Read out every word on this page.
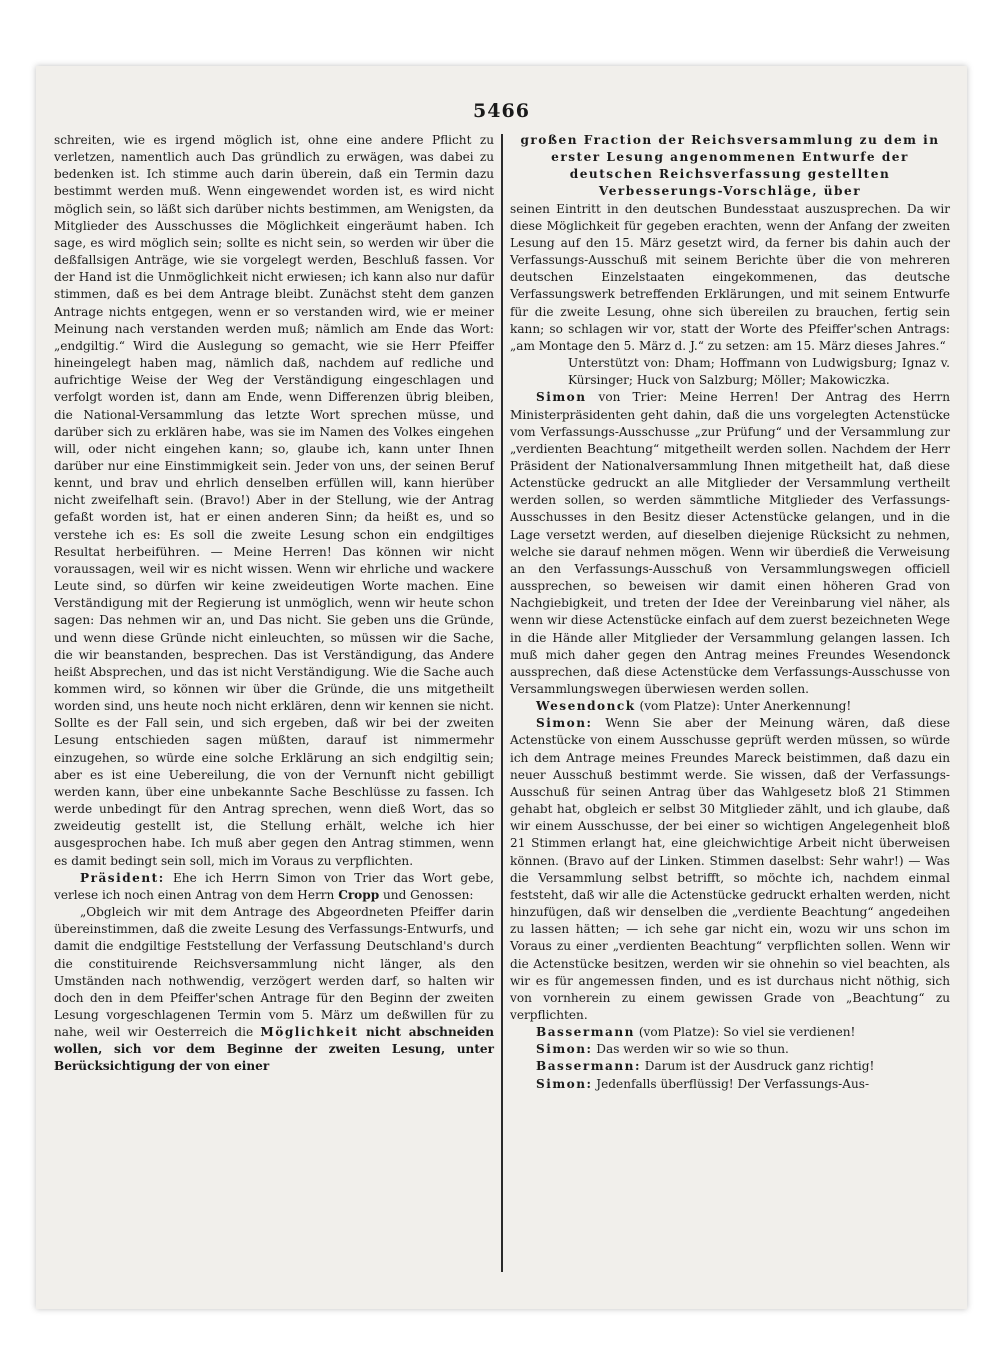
5466

schreiten, wie es irgend möglich ist, ohne eine andere Pflicht zu verletzen, namentlich auch Das gründlich zu erwägen, was dabei zu bedenken ist. Ich stimme auch darin überein, daß ein Termin dazu bestimmt werden muß. Wenn eingewendet worden ist, es wird nicht möglich sein, so läßt sich darüber nichts bestimmen, am Wenigsten, da Mitglieder des Ausschusses die Möglichkeit eingeräumt haben. Ich sage, es wird möglich sein; sollte es nicht sein, so werden wir über die deßfallsigen Anträge, wie sie vorgelegt werden, Beschluß fassen. Vor der Hand ist die Unmöglichkeit nicht erwiesen; ich kann also nur dafür stimmen, daß es bei dem Antrage bleibt. Zunächst steht dem ganzen Antrage nichts entgegen, wenn er so verstanden wird, wie er meiner Meinung nach verstanden werden muß; nämlich am Ende das Wort: „endgiltig.“ Wird die Auslegung so gemacht, wie sie Herr Pfeiffer hineingelegt haben mag, nämlich daß, nachdem auf redliche und aufrichtige Weise der Weg der Verständigung eingeschlagen und verfolgt worden ist, dann am Ende, wenn Differenzen übrig bleiben, die National-Versammlung das letzte Wort sprechen müsse, und darüber sich zu erklären habe, was sie im Namen des Volkes eingehen will, oder nicht eingehen kann; so, glaube ich, kann unter Ihnen darüber nur eine Einstimmigkeit sein. Jeder von uns, der seinen Beruf kennt, und brav und ehrlich denselben erfüllen will, kann hierüber nicht zweifelhaft sein. (Bravo!) Aber in der Stellung, wie der Antrag gefaßt worden ist, hat er einen anderen Sinn; da heißt es, und so verstehe ich es: Es soll die zweite Lesung schon ein endgiltiges Resultat herbeiführen. — Meine Herren! Das können wir nicht voraussagen, weil wir es nicht wissen. Wenn wir ehrliche und wackere Leute sind, so dürfen wir keine zweideutigen Worte machen. Eine Verständigung mit der Regierung ist unmöglich, wenn wir heute schon sagen: Das nehmen wir an, und Das nicht. Sie geben uns die Gründe, und wenn diese Gründe nicht einleuchten, so müssen wir die Sache, die wir beanstanden, besprechen. Das ist Verständigung, das Andere heißt Absprechen, und das ist nicht Verständigung. Wie die Sache auch kommen wird, so können wir über die Gründe, die uns mitgetheilt worden sind, uns heute noch nicht erklären, denn wir kennen sie nicht. Sollte es der Fall sein, und sich ergeben, daß wir bei der zweiten Lesung entschieden sagen müßten, darauf ist nimmermehr einzugehen, so würde eine solche Erklärung an sich endgiltig sein; aber es ist eine Uebereilung, die von der Vernunft nicht gebilligt werden kann, über eine unbekannte Sache Beschlüsse zu fassen. Ich werde unbedingt für den Antrag sprechen, wenn dieß Wort, das so zweideutig gestellt ist, die Stellung erhält, welche ich hier ausgesprochen habe. Ich muß aber gegen den Antrag stimmen, wenn es damit bedingt sein soll, mich im Voraus zu verpflichten.

Präsident: Ehe ich Herrn Simon von Trier das Wort gebe, verlese ich noch einen Antrag von dem Herrn Cropp und Genossen:

„Obgleich wir mit dem Antrage des Abgeordneten Pfeiffer darin übereinstimmen, daß die zweite Lesung des Verfassungs-Entwurfs, und damit die endgiltige Feststellung der Verfassung Deutschland's durch die constituirende Reichsversammlung nicht länger, als den Umständen nach nothwendig, verzögert werden darf, so halten wir doch den in dem Pfeiffer'schen Antrage für den Beginn der zweiten Lesung vorgeschlagenen Termin vom 5. März um deßwillen für zu nahe, weil wir Oesterreich die Möglichkeit nicht abschneiden wollen, sich vor dem Beginne der zweiten Lesung, unter Berücksichtigung der von einer

großen Fraction der Reichsversammlung zu dem in erster Lesung angenommenen Entwurfe der deutschen Reichsverfassung gestellten Verbesserungs-Vorschläge, über

seinen Eintritt in den deutschen Bundesstaat auszusprechen. Da wir diese Möglichkeit für gegeben erachten, wenn der Anfang der zweiten Lesung auf den 15. März gesetzt wird, da ferner bis dahin auch der Verfassungs-Ausschuß mit seinem Berichte über die von mehreren deutschen Einzelstaaten eingekommenen, das deutsche Verfassungswerk betreffenden Erklärungen, und mit seinem Entwurfe für die zweite Lesung, ohne sich übereilen zu brauchen, fertig sein kann; so schlagen wir vor, statt der Worte des Pfeiffer'schen Antrags: „am Montage den 5. März d. J.“ zu setzen: am 15. März dieses Jahres.“

Unterstützt von: Dham; Hoffmann von Ludwigsburg; Ignaz v. Kürsinger; Huck von Salzburg; Möller; Makowiczka.

Simon von Trier: Meine Herren! Der Antrag des Herrn Ministerpräsidenten geht dahin, daß die uns vorgelegten Actenstücke vom Verfassungs-Ausschusse „zur Prüfung“ und der Versammlung zur „verdienten Beachtung“ mitgetheilt werden sollen. Nachdem der Herr Präsident der Nationalversammlung Ihnen mitgetheilt hat, daß diese Actenstücke gedruckt an alle Mitglieder der Versammlung vertheilt werden sollen, so werden sämmtliche Mitglieder des Verfassungs-Ausschusses in den Besitz dieser Actenstücke gelangen, und in die Lage versetzt werden, auf dieselben diejenige Rücksicht zu nehmen, welche sie darauf nehmen mögen. Wenn wir überdieß die Verweisung an den Verfassungs-Ausschuß von Versammlungswegen officiell aussprechen, so beweisen wir damit einen höheren Grad von Nachgiebigkeit, und treten der Idee der Vereinbarung viel näher, als wenn wir diese Actenstücke einfach auf dem zuerst bezeichneten Wege in die Hände aller Mitglieder der Versammlung gelangen lassen. Ich muß mich daher gegen den Antrag meines Freundes Wesendonck aussprechen, daß diese Actenstücke dem Verfassungs-Ausschusse von Versammlungswegen überwiesen werden sollen.

Wesendonck (vom Platze): Unter Anerkennung!

Simon: Wenn Sie aber der Meinung wären, daß diese Actenstücke von einem Ausschusse geprüft werden müssen, so würde ich dem Antrage meines Freundes Mareck beistimmen, daß dazu ein neuer Ausschuß bestimmt werde. Sie wissen, daß der Verfassungs-Ausschuß für seinen Antrag über das Wahlgesetz bloß 21 Stimmen gehabt hat, obgleich er selbst 30 Mitglieder zählt, und ich glaube, daß wir einem Ausschusse, der bei einer so wichtigen Angelegenheit bloß 21 Stimmen erlangt hat, eine gleichwichtige Arbeit nicht überweisen können. (Bravo auf der Linken. Stimmen daselbst: Sehr wahr!) — Was die Versammlung selbst betrifft, so möchte ich, nachdem einmal feststeht, daß wir alle die Actenstücke gedruckt erhalten werden, nicht hinzufügen, daß wir denselben die „verdiente Beachtung“ angedeihen zu lassen hätten; — ich sehe gar nicht ein, wozu wir uns schon im Voraus zu einer „verdienten Beachtung“ verpflichten sollen. Wenn wir die Actenstücke besitzen, werden wir sie ohnehin so viel beachten, als wir es für angemessen finden, und es ist durchaus nicht nöthig, sich von vornherein zu einem gewissen Grade von „Beachtung“ zu verpflichten.

Bassermann (vom Platze): So viel sie verdienen!

Simon: Das werden wir so wie so thun.

Bassermann: Darum ist der Ausdruck ganz richtig!

Simon: Jedenfalls überflüssig! Der Verfassungs-Aus-
